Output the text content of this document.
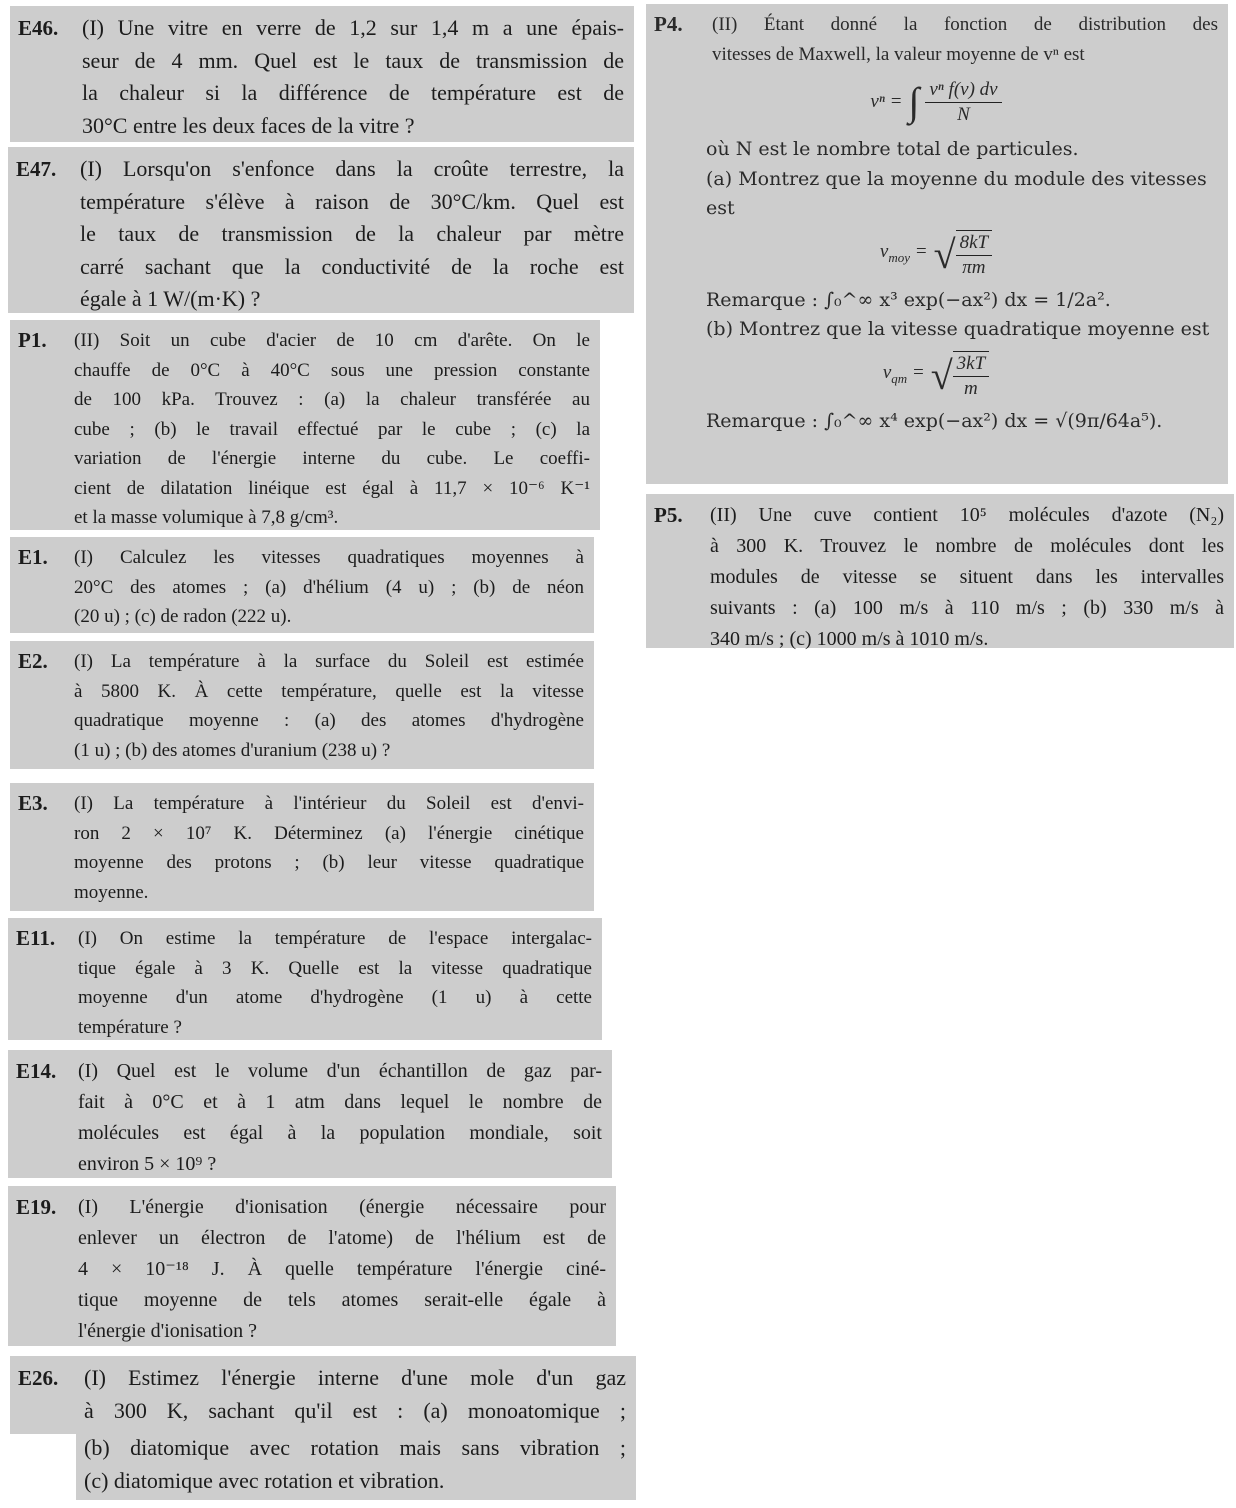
E46.	(I) Une vitre en verre de 1,2 sur 1,4 m a une épais-
seur de 4 mm. Quel est le taux de transmission de
la chaleur si la différence de température est de
30°C entre les deux faces de la vitre ?
E47.	(I) Lorsqu'on s'enfonce dans la croûte terrestre, la
température s'élève à raison de 30°C/km. Quel est
le taux de transmission de la chaleur par mètre
carré sachant que la conductivité de la roche est
égale à 1 W/(m·K) ?
P1.	(II) Soit un cube d'acier de 10 cm d'arête. On le
chauffe de 0°C à 40°C sous une pression constante
de 100 kPa. Trouvez : (a) la chaleur transférée au
cube ; (b) le travail effectué par le cube ; (c) la
variation de l'énergie interne du cube. Le coeffi-
cient de dilatation linéique est égal à 11,7 × 10⁻⁶ K⁻¹
et la masse volumique à 7,8 g/cm³.
E1.	(I) Calculez les vitesses quadratiques moyennes à
20°C des atomes ; (a) d'hélium (4 u) ; (b) de néon
(20 u) ; (c) de radon (222 u).
E2.	(I) La température à la surface du Soleil est estimée
à 5800 K. À cette température, quelle est la vitesse
quadratique moyenne : (a) des atomes d'hydrogène
(1 u) ; (b) des atomes d'uranium (238 u) ?
E3.	(I) La température à l'intérieur du Soleil est d'envi-
ron 2 × 10⁷ K. Déterminez (a) l'énergie cinétique
moyenne des protons ; (b) leur vitesse quadratique
moyenne.
E11.	(I) On estime la température de l'espace intergalac-
tique égale à 3 K. Quelle est la vitesse quadratique
moyenne d'un atome d'hydrogène (1 u) à cette
température ?
E14.	(I) Quel est le volume d'un échantillon de gaz par-
fait à 0°C et à 1 atm dans lequel le nombre de
molécules est égal à la population mondiale, soit
environ 5 × 10⁹ ?
E19.	(I) L'énergie d'ionisation (énergie nécessaire pour
enlever un électron de l'atome) de l'hélium est de
4 × 10⁻¹⁸ J. À quelle température l'énergie ciné-
tique moyenne de tels atomes serait-elle égale à
l'énergie d'ionisation ?
E26.	(I) Estimez l'énergie interne d'une mole d'un gaz
à 300 K, sachant qu'il est : (a) monoatomique ;
(b) diatomique avec rotation mais sans vibration ;
(c) diatomique avec rotation et vibration.
P4.	(II) Étant donné la fonction de distribution des
vitesses de Maxwell, la valeur moyenne de vⁿ est
vⁿ = ∫ $\frac{\text{vⁿ f(v) dv}}{N}$
où N est le nombre total de particules.
(a) Montrez que la moyenne du module des vitesses
est
$v_{moy}$ = √ $\frac{8kT}{\pi m}$
Remarque : ∫₀^∞ x³ exp(−ax²) dx = 1/2a².
(b) Montrez que la vitesse quadratique moyenne est
$v_{qm}$ = √ $\frac{3kT}{m}$
Remarque : ∫₀^∞ x⁴ exp(−ax²) dx = √(9π/64a⁵).
P5.	(II) Une cuve contient 10⁵ molécules d'azote (N₂)
à 300 K. Trouvez le nombre de molécules dont les
modules de vitesse se situent dans les intervalles
suivants : (a) 100 m/s à 110 m/s ; (b) 330 m/s à
340 m/s ; (c) 1000 m/s à 1010 m/s.
